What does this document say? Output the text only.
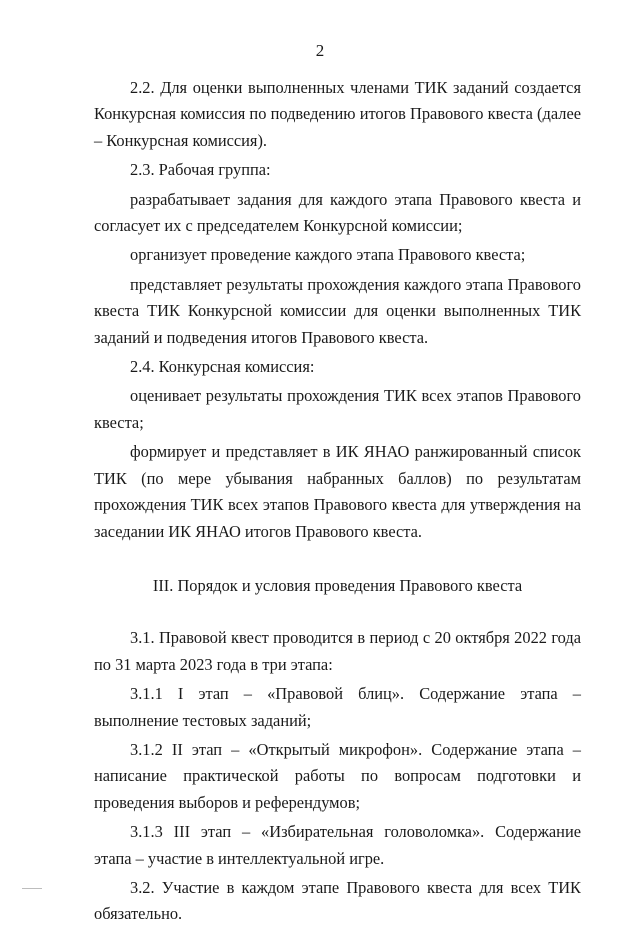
2

2.2. Для оценки выполненных членами ТИК заданий создается Конкурсная комиссия по подведению итогов Правового квеста (далее – Конкурсная комиссия).

2.3. Рабочая группа:

разрабатывает задания для каждого этапа Правового квеста и согласует их с председателем Конкурсной комиссии;

организует проведение каждого этапа Правового квеста;

представляет результаты прохождения каждого этапа Правового квеста ТИК Конкурсной комиссии для оценки выполненных ТИК заданий и подведения итогов Правового квеста.

2.4. Конкурсная комиссия:

оценивает результаты прохождения ТИК всех этапов Правового квеста;

формирует и представляет в ИК ЯНАО ранжированный список ТИК (по мере убывания набранных баллов) по результатам прохождения ТИК всех этапов Правового квеста для утверждения на заседании ИК ЯНАО итогов Правового квеста.

III. Порядок и условия проведения Правового квеста

3.1. Правовой квест проводится в период с 20 октября 2022 года по 31 марта 2023 года в три этапа:

3.1.1 I этап – «Правовой блиц». Содержание этапа – выполнение тестовых заданий;

3.1.2 II этап – «Открытый микрофон». Содержание этапа – написание практической работы по вопросам подготовки и проведения выборов и референдумов;

3.1.3 III этап – «Избирательная головоломка». Содержание этапа – участие в интеллектуальной игре.

3.2. Участие в каждом этапе Правового квеста для всех ТИК обязательно.
